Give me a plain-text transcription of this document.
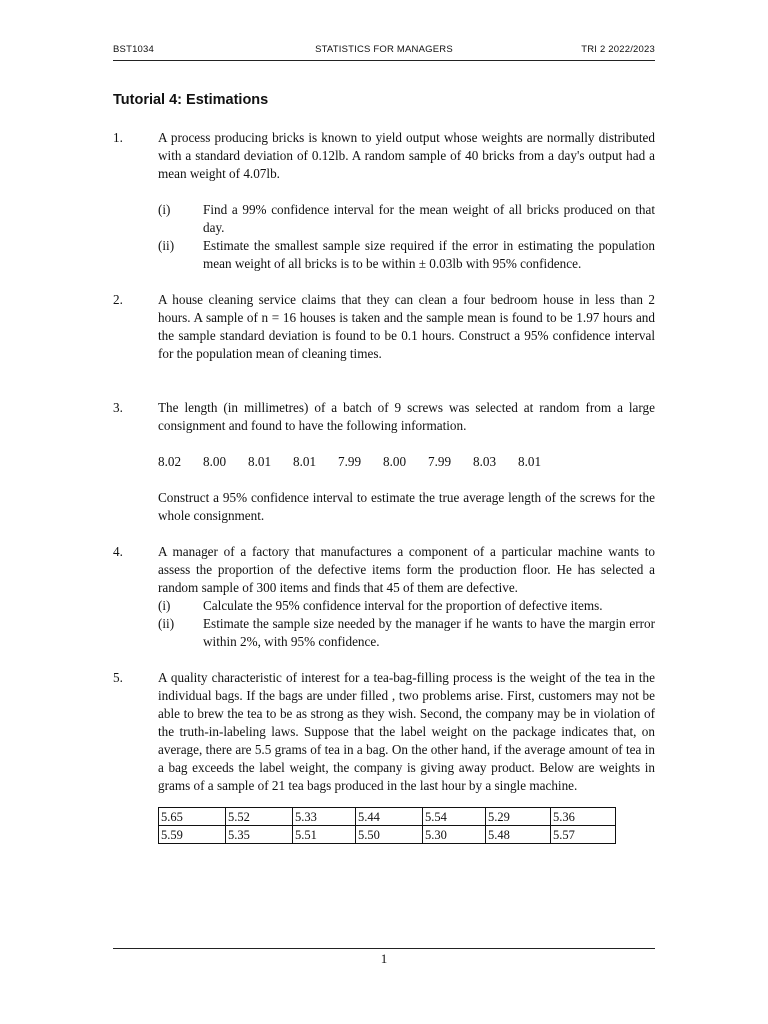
BST1034	STATISTICS FOR MANAGERS	TRI 2 2022/2023
Tutorial 4: Estimations
1.	A process producing bricks is known to yield output whose weights are normally distributed with a standard deviation of 0.12lb. A random sample of 40 bricks from a day's output had a mean weight of 4.07lb.

(i) Find a 99% confidence interval for the mean weight of all bricks produced on that day.

(ii) Estimate the smallest sample size required if the error in estimating the population mean weight of all bricks is to be within ± 0.03lb with 95% confidence.

2.	A house cleaning service claims that they can clean a four bedroom house in less than 2 hours. A sample of n = 16 houses is taken and the sample mean is found to be 1.97 hours and the sample standard deviation is found to be 0.1 hours. Construct a 95% confidence interval for the population mean of cleaning times.

3.	The length (in millimetres) of a batch of 9 screws was selected at random from a large consignment and found to have the following information.

8.02	8.00	8.01	8.01	7.99	8.00	7.99	8.03	8.01

Construct a 95% confidence interval to estimate the true average length of the screws for the whole consignment.

4.	A manager of a factory that manufactures a component of a particular machine wants to assess the proportion of the defective items form the production floor. He has selected a random sample of 300 items and finds that 45 of them are defective.

(i) Calculate the 95% confidence interval for the proportion of defective items.

(ii) Estimate the sample size needed by the manager if he wants to have the margin error within 2%, with 95% confidence.

5.	A quality characteristic of interest for a tea-bag-filling process is the weight of the tea in the individual bags. If the bags are under filled , two problems arise. First, customers may not be able to brew the tea to be as strong as they wish. Second, the company may be in violation of the truth-in-labeling laws. Suppose that the label weight on the package indicates that, on average, there are 5.5 grams of tea in a bag. On the other hand, if the average amount of tea in a bag exceeds the label weight, the company is giving away product. Below are weights in grams of a sample of 21 tea bags produced in the last hour by a single machine.

5.65	5.52	5.33	5.44	5.54	5.29	5.36
5.59	5.35	5.51	5.50	5.30	5.48	5.57
1
